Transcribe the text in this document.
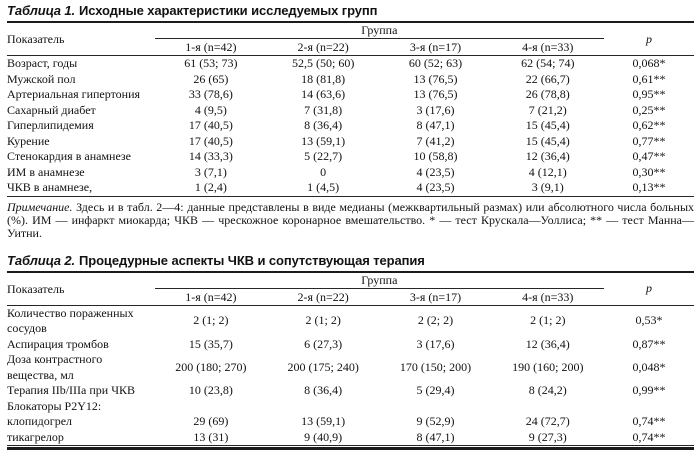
Таблица 1. Исходные характеристики исследуемых групп
Показатель	Группа				p
	1-я (n=42)	2-я (n=22)	3-я (n=17)	4-я (n=33)	
Возраст, годы	61 (53; 73)	52,5 (50; 60)	60 (52; 63)	62 (54; 74)	0,068*
Мужской пол	26 (65)	18 (81,8)	13 (76,5)	22 (66,7)	0,61**
Артериальная гипертония	33 (78,6)	14 (63,6)	13 (76,5)	26 (78,8)	0,95**
Сахарный диабет	4 (9,5)	7 (31,8)	3 (17,6)	7 (21,2)	0,25**
Гиперлипидемия	17 (40,5)	8 (36,4)	8 (47,1)	15 (45,4)	0,62**
Курение	17 (40,5)	13 (59,1)	7 (41,2)	15 (45,4)	0,77**
Стенокардия в анамнезе	14 (33,3)	5 (22,7)	10 (58,8)	12 (36,4)	0,47**
ИМ в анамнезе	3 (7,1)	0	4 (23,5)	4 (12,1)	0,30**
ЧКВ в анамнезе,	1 (2,4)	1 (4,5)	4 (23,5)	3 (9,1)	0,13**

Примечание. Здесь и в табл. 2—4: данные представлены в виде медианы (межквартильный размах) или абсолютного числа больных (%). ИМ — инфаркт миокарда; ЧКВ — чрескожное коронарное вмешательство. * — тест Крускала—Уоллиса; ** — тест Манна—Уитни.

Таблица 2. Процедурные аспекты ЧКВ и сопутствующая терапия
Показатель	Группа				p
	1-я (n=42)	2-я (n=22)	3-я (n=17)	4-я (n=33)	
Количество пораженных сосудов	2 (1; 2)	2 (1; 2)	2 (2; 2)	2 (1; 2)	0,53*
Аспирация тромбов	15 (35,7)	6 (27,3)	3 (17,6)	12 (36,4)	0,87**
Доза контрастного вещества, мл	200 (180; 270)	200 (175; 240)	170 (150; 200)	190 (160; 200)	0,048*
Терапия IIb/IIIa при ЧКВ	10 (23,8)	8 (36,4)	5 (29,4)	8 (24,2)	0,99**
Блокаторы P2Y12:					
клопидогрел	29 (69)	13 (59,1)	9 (52,9)	24 (72,7)	0,74**
тикагрелор	13 (31)	9 (40,9)	8 (47,1)	9 (27,3)	0,74**
